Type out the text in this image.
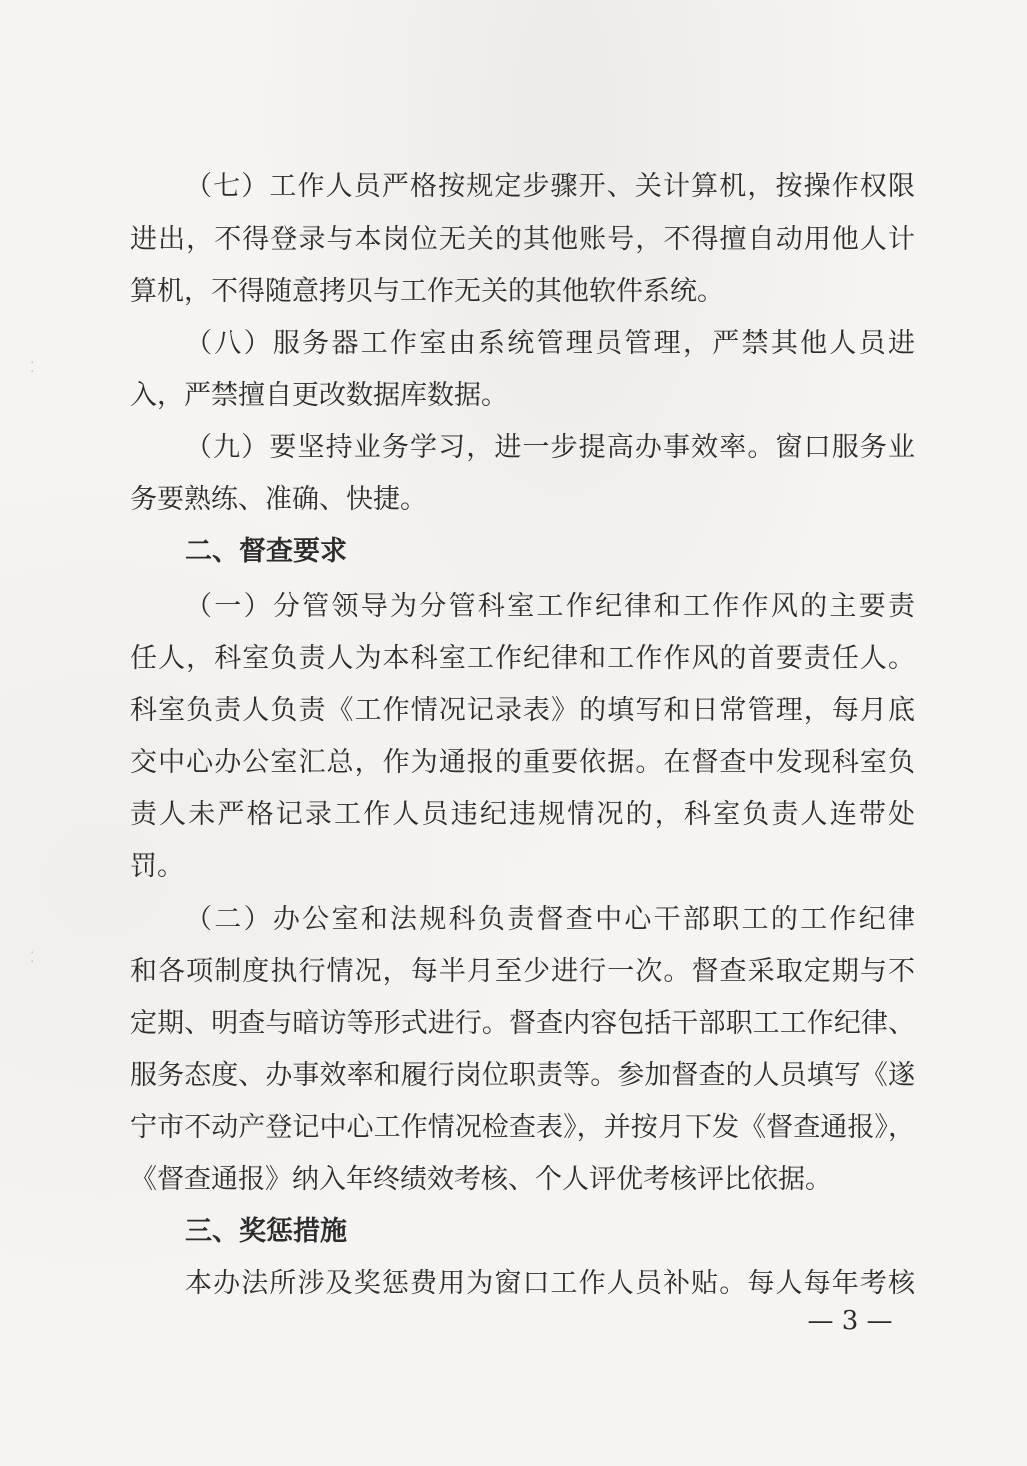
⁚
⁚
（七）工作人员严格按规定步骤开、关计算机，按操作权限
进出，不得登录与本岗位无关的其他账号，不得擅自动用他人计
算机，不得随意拷贝与工作无关的其他软件系统。
（八）服务器工作室由系统管理员管理，严禁其他人员进
入，严禁擅自更改数据库数据。
（九）要坚持业务学习，进一步提高办事效率。窗口服务业
务要熟练、准确、快捷。
二、督查要求
（一）分管领导为分管科室工作纪律和工作作风的主要责
任人，科室负责人为本科室工作纪律和工作作风的首要责任人。
科室负责人负责《工作情况记录表》的填写和日常管理，每月底
交中心办公室汇总，作为通报的重要依据。在督查中发现科室负
责人未严格记录工作人员违纪违规情况的，科室负责人连带处
罚。
（二）办公室和法规科负责督查中心干部职工的工作纪律
和各项制度执行情况，每半月至少进行一次。督查采取定期与不
定期、明查与暗访等形式进行。督查内容包括干部职工工作纪律、
服务态度、办事效率和履行岗位职责等。参加督查的人员填写《遂
宁市不动产登记中心工作情况检查表》，并按月下发《督查通报》，
《督查通报》纳入年终绩效考核、个人评优考核评比依据。
三、奖惩措施
本办法所涉及奖惩费用为窗口工作人员补贴。每人每年考核
— 3 —
